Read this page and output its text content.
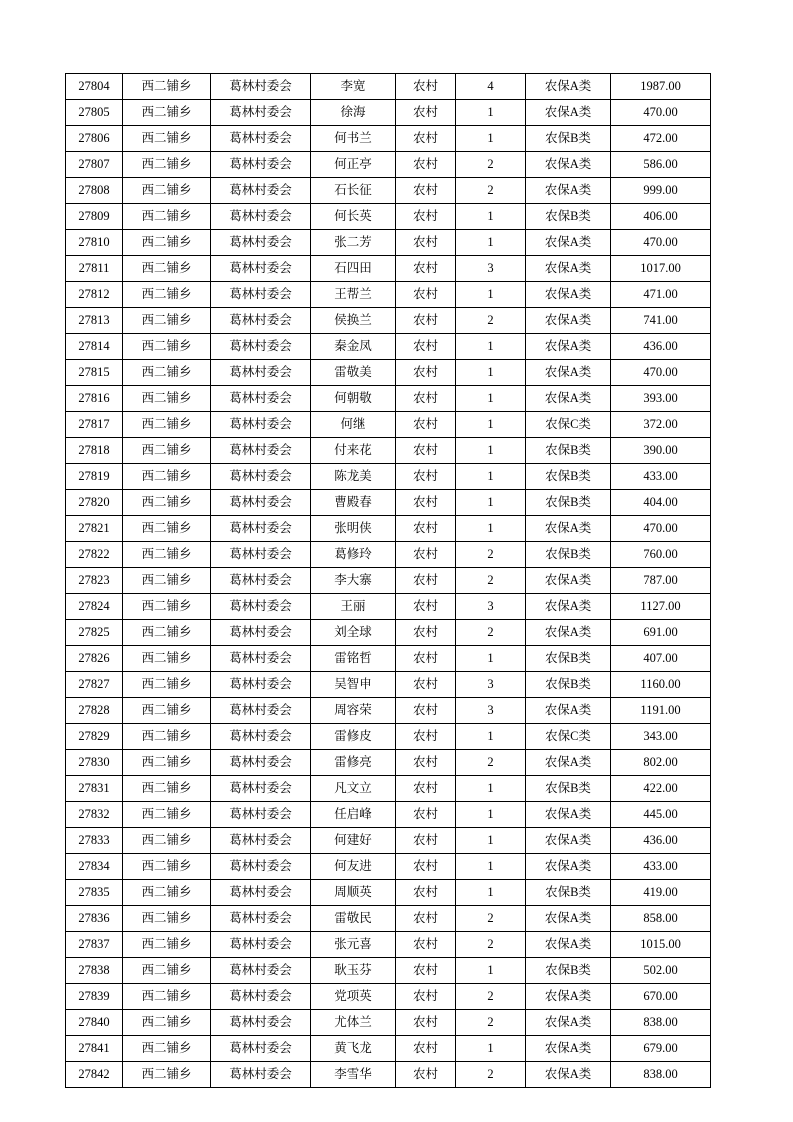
27804	西二铺乡	葛林村委会	李宽	农村	4	农保A类	1987.00
27805	西二铺乡	葛林村委会	徐海	农村	1	农保A类	470.00
27806	西二铺乡	葛林村委会	何书兰	农村	1	农保B类	472.00
27807	西二铺乡	葛林村委会	何正亭	农村	2	农保A类	586.00
27808	西二铺乡	葛林村委会	石长征	农村	2	农保A类	999.00
27809	西二铺乡	葛林村委会	何长英	农村	1	农保B类	406.00
27810	西二铺乡	葛林村委会	张二芳	农村	1	农保A类	470.00
27811	西二铺乡	葛林村委会	石四田	农村	3	农保A类	1017.00
27812	西二铺乡	葛林村委会	王帮兰	农村	1	农保A类	471.00
27813	西二铺乡	葛林村委会	侯换兰	农村	2	农保A类	741.00
27814	西二铺乡	葛林村委会	秦金凤	农村	1	农保A类	436.00
27815	西二铺乡	葛林村委会	雷敬美	农村	1	农保A类	470.00
27816	西二铺乡	葛林村委会	何朝敬	农村	1	农保A类	393.00
27817	西二铺乡	葛林村委会	何继	农村	1	农保C类	372.00
27818	西二铺乡	葛林村委会	付来花	农村	1	农保B类	390.00
27819	西二铺乡	葛林村委会	陈龙美	农村	1	农保B类	433.00
27820	西二铺乡	葛林村委会	曹殿春	农村	1	农保B类	404.00
27821	西二铺乡	葛林村委会	张明侠	农村	1	农保A类	470.00
27822	西二铺乡	葛林村委会	葛修玲	农村	2	农保B类	760.00
27823	西二铺乡	葛林村委会	李大寨	农村	2	农保A类	787.00
27824	西二铺乡	葛林村委会	王丽	农村	3	农保A类	1127.00
27825	西二铺乡	葛林村委会	刘全球	农村	2	农保A类	691.00
27826	西二铺乡	葛林村委会	雷铭哲	农村	1	农保B类	407.00
27827	西二铺乡	葛林村委会	吴智申	农村	3	农保B类	1160.00
27828	西二铺乡	葛林村委会	周容荣	农村	3	农保A类	1191.00
27829	西二铺乡	葛林村委会	雷修皮	农村	1	农保C类	343.00
27830	西二铺乡	葛林村委会	雷修亮	农村	2	农保A类	802.00
27831	西二铺乡	葛林村委会	凡文立	农村	1	农保B类	422.00
27832	西二铺乡	葛林村委会	任启峰	农村	1	农保A类	445.00
27833	西二铺乡	葛林村委会	何建好	农村	1	农保A类	436.00
27834	西二铺乡	葛林村委会	何友进	农村	1	农保A类	433.00
27835	西二铺乡	葛林村委会	周顺英	农村	1	农保B类	419.00
27836	西二铺乡	葛林村委会	雷敬民	农村	2	农保A类	858.00
27837	西二铺乡	葛林村委会	张元喜	农村	2	农保A类	1015.00
27838	西二铺乡	葛林村委会	耿玉芬	农村	1	农保B类	502.00
27839	西二铺乡	葛林村委会	党项英	农村	2	农保A类	670.00
27840	西二铺乡	葛林村委会	尤体兰	农村	2	农保A类	838.00
27841	西二铺乡	葛林村委会	黄飞龙	农村	1	农保A类	679.00
27842	西二铺乡	葛林村委会	李雪华	农村	2	农保A类	838.00
